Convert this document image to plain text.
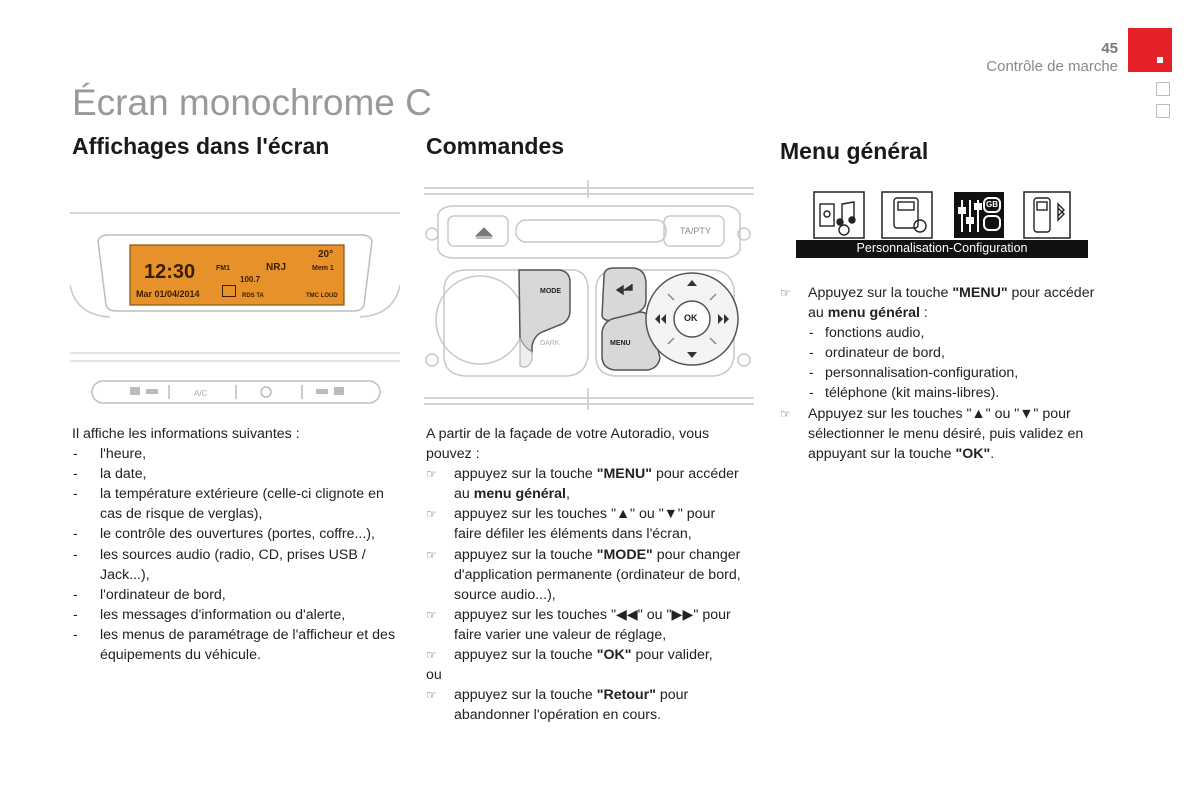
45
Contrôle de marche
Écran monochrome C
Affichages dans l'écran
20°
12:30	FM1	NRJ	Mem 1
100.7
Mar 01/04/2014	RDS TA	TMC LOUD
A/C

Il affiche les informations suivantes :

- l'heure,
- la date,
- la température extérieure (celle-ci clignote en cas de risque de verglas),
- le contrôle des ouvertures (portes, coffre...),
- les sources audio (radio, CD, prises USB / Jack...),
- l'ordinateur de bord,
- les messages d'information ou d'alerte,
- les menus de paramétrage de l'afficheur et des équipements du véhicule.
Commandes
TA/PTY
MODE
DARK	MENU
OK

A partir de la façade de votre Autoradio, vous pouvez :

☞ appuyez sur la touche "MENU" pour accéder au menu général,
☞ appuyez sur les touches "▲" ou "▼" pour faire défiler les éléments dans l'écran,
☞ appuyez sur la touche "MODE" pour changer d'application permanente (ordinateur de bord, source audio...),
☞ appuyez sur les touches "◀◀" ou "▶▶" pour faire varier une valeur de réglage,
☞ appuyez sur la touche "OK" pour valider,

ou

☞ appuyez sur la touche "Retour" pour abandonner l'opération en cours.
Menu général
GB
Personnalisation-Configuration
☞ Appuyez sur la touche "MENU" pour accéder au menu général :
- fonctions audio,
- ordinateur de bord,
- personnalisation-configuration,
- téléphone (kit mains-libres).
☞ Appuyez sur les touches "▲" ou "▼" pour sélectionner le menu désiré, puis validez en appuyant sur la touche "OK".
